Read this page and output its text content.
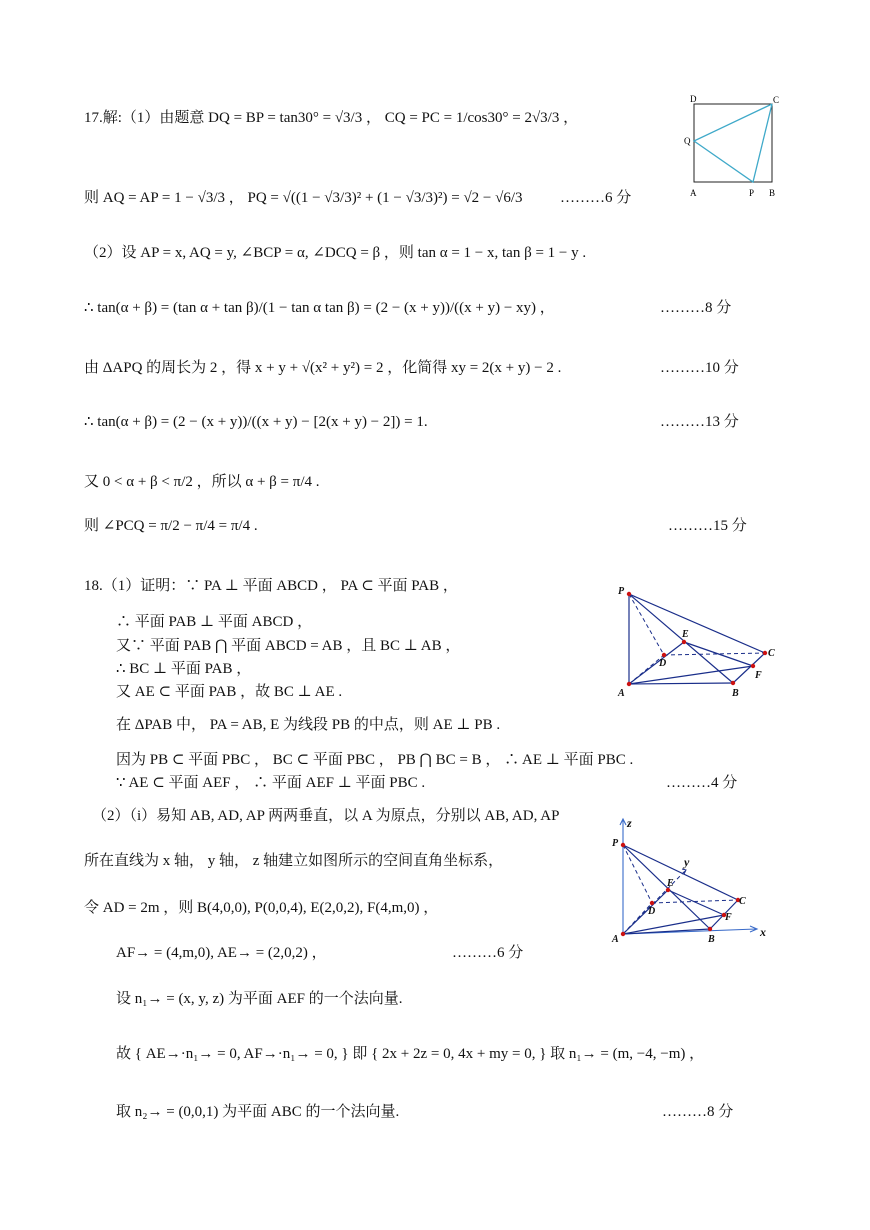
17.解:（1）由题意 DQ = BP = tan30° = √3/3 ， CQ = PC = 1/cos30° = 2√3/3 ，
则 AQ = AP = 1 − √3/3 ， PQ = √((1 − √3/3)² + (1 − √3/3)²) = √2 − √6/3 ………6 分
（2）设 AP = x, AQ = y, ∠BCP = α, ∠DCQ = β ，则 tan α = 1 − x, tan β = 1 − y .
∴ tan(α + β) = (tan α + tan β)/(1 − tan α tan β) = (2 − (x + y))/((x + y) − xy) ，	………8 分
由 ΔAPQ 的周长为 2 ，得 x + y + √(x² + y²) = 2 ，化简得 xy = 2(x + y) − 2 .	………10 分
∴ tan(α + β) = (2 − (x + y))/((x + y) − [2(x + y) − 2]) = 1.	………13 分
又 0 < α + β < π/2 ，所以 α + β = π/4 .
则 ∠PCQ = π/2 − π/4 = π/4 .	………15 分
D	C
Q
A	P B
18.（1）证明：∵ PA ⊥ 平面 ABCD ， PA ⊂ 平面 PAB ，
∴ 平面 PAB ⊥ 平面 ABCD ，
又∵ 平面 PAB ⋂ 平面 ABCD = AB ，且 BC ⊥ AB ，
∴ BC ⊥ 平面 PAB ，
又 AE ⊂ 平面 PAB ，故 BC ⊥ AE .
在 ΔPAB 中， PA = AB, E 为线段 PB 的中点，则 AE ⊥ PB .
因为 PB ⊂ 平面 PBC ， BC ⊂ 平面 PBC ， PB ⋂ BC = B ， ∴ AE ⊥ 平面 PBC .
∵ AE ⊂ 平面 AEF ， ∴ 平面 AEF ⊥ 平面 PBC .	………4 分
（2）（i）易知 AB, AD, AP 两两垂直，以 A 为原点，分别以 AB, AD, AP
所在直线为 x 轴， y 轴， z 轴建立如图所示的空间直角坐标系，
令 AD = 2m ，则 B(4,0,0), P(0,0,4), E(2,0,2), F(4,m,0) ，
AF→ = (4,m,0), AE→ = (2,0,2) ，	………6 分
设 n₁→ = (x, y, z) 为平面 AEF 的一个法向量.
故 { AE→·n₁→ = 0, AF→·n₁→ = 0, } 即 { 2x + 2z = 0, 4x + my = 0, } 取 n₁→ = (m, −4, −m) ，
取 n₂→ = (0,0,1) 为平面 ABC 的一个法向量.	………8 分
P
E
C
D
F
A	B
z
P
y
E
C
D
F
A	B
x
